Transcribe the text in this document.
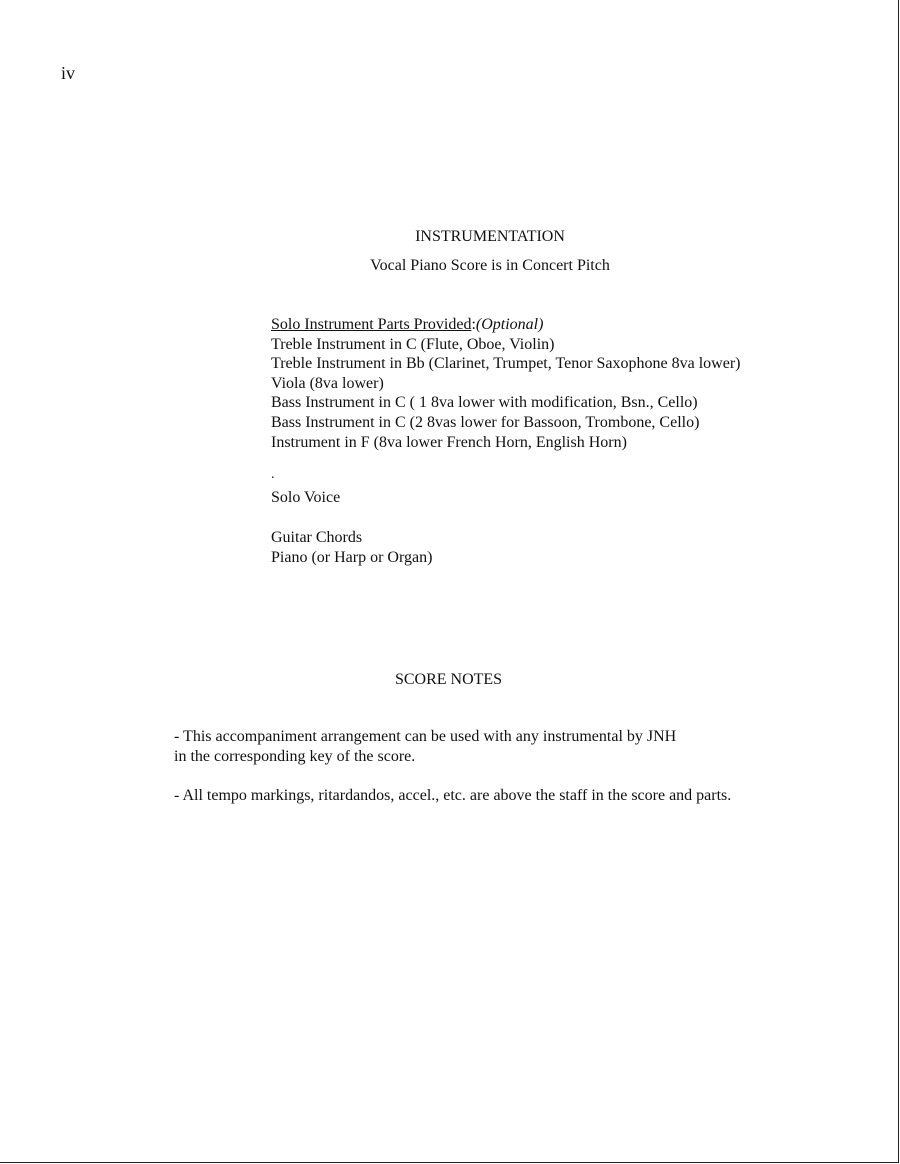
iv
INSTRUMENTATION
Vocal Piano Score is in Concert Pitch
Solo Instrument Parts Provided:(Optional)
Treble Instrument in C (Flute, Oboe, Violin)
Treble Instrument in Bb (Clarinet, Trumpet, Tenor Saxophone 8va lower)
Viola (8va lower)
Bass Instrument in C ( 1 8va lower with modification, Bsn., Cello)
Bass Instrument in C (2 8vas lower for Bassoon, Trombone, Cello)
Instrument in F (8va lower French Horn, English Horn)
.
Solo Voice
Guitar Chords
Piano (or Harp or Organ)
SCORE NOTES
- This accompaniment arrangement can be used with any instrumental by JNH
in the corresponding key of the score.
- All tempo markings, ritardandos, accel., etc. are above the staff in the score and parts.
